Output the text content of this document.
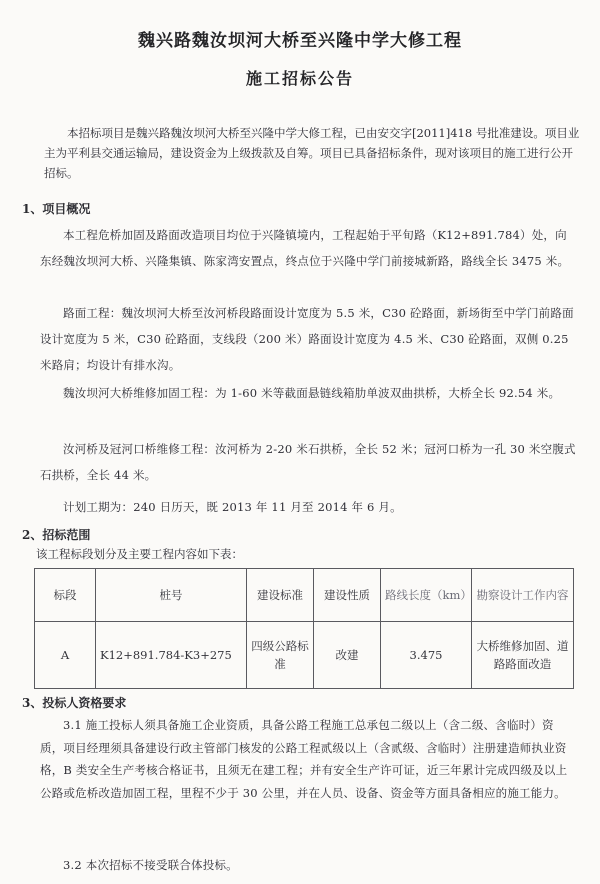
魏兴路魏汝坝河大桥至兴隆中学大修工程
施工招标公告
本招标项目是魏兴路魏汝坝河大桥至兴隆中学大修工程，已由安交字[2011]418 号批准建设。项目业主为平利县交通运输局，建设资金为上级拨款及自筹。项目已具备招标条件，现对该项目的施工进行公开招标。
1、项目概况
本工程危桥加固及路面改造项目均位于兴隆镇境内，工程起始于平旬路（K12+891.784）处，向东经魏汝坝河大桥、兴隆集镇、陈家湾安置点，终点位于兴隆中学门前接城新路，路线全长 3475 米。
路面工程：魏汝坝河大桥至汝河桥段路面设计宽度为 5.5 米，C30 砼路面，新场街至中学门前路面设计宽度为 5 米，C30 砼路面，支线段（200 米）路面设计宽度为 4.5 米、C30 砼路面，双侧 0.25 米路肩；均设计有排水沟。
魏汝坝河大桥维修加固工程：为 1-60 米等截面悬链线箱肋单波双曲拱桥，大桥全长 92.54 米。
汝河桥及冠河口桥维修工程：汝河桥为 2-20 米石拱桥，全长 52 米；冠河口桥为一孔 30 米空腹式石拱桥，全长 44 米。
计划工期为：240 日历天，既 2013 年 11 月至 2014 年 6 月。
2、招标范围
该工程标段划分及主要工程内容如下表：
标段	桩号	建设标准	建设性质	路线长度（km）	勘察设计工作内容
A	K12+891.784-K3+275	四级公路标准	改建	3.475	大桥维修加固、道路路面改造
3、投标人资格要求
3.1 施工投标人须具备施工企业资质，具备公路工程施工总承包二级以上（含二级、含临时）资质，项目经理须具备建设行政主管部门核发的公路工程贰级以上（含贰级、含临时）注册建造师执业资格，B 类安全生产考核合格证书，且须无在建工程；并有安全生产许可证，近三年累计完成四级及以上公路或危桥改造加固工程，里程不少于 30 公里，并在人员、设备、资金等方面具备相应的施工能力。
3.2 本次招标不接受联合体投标。
